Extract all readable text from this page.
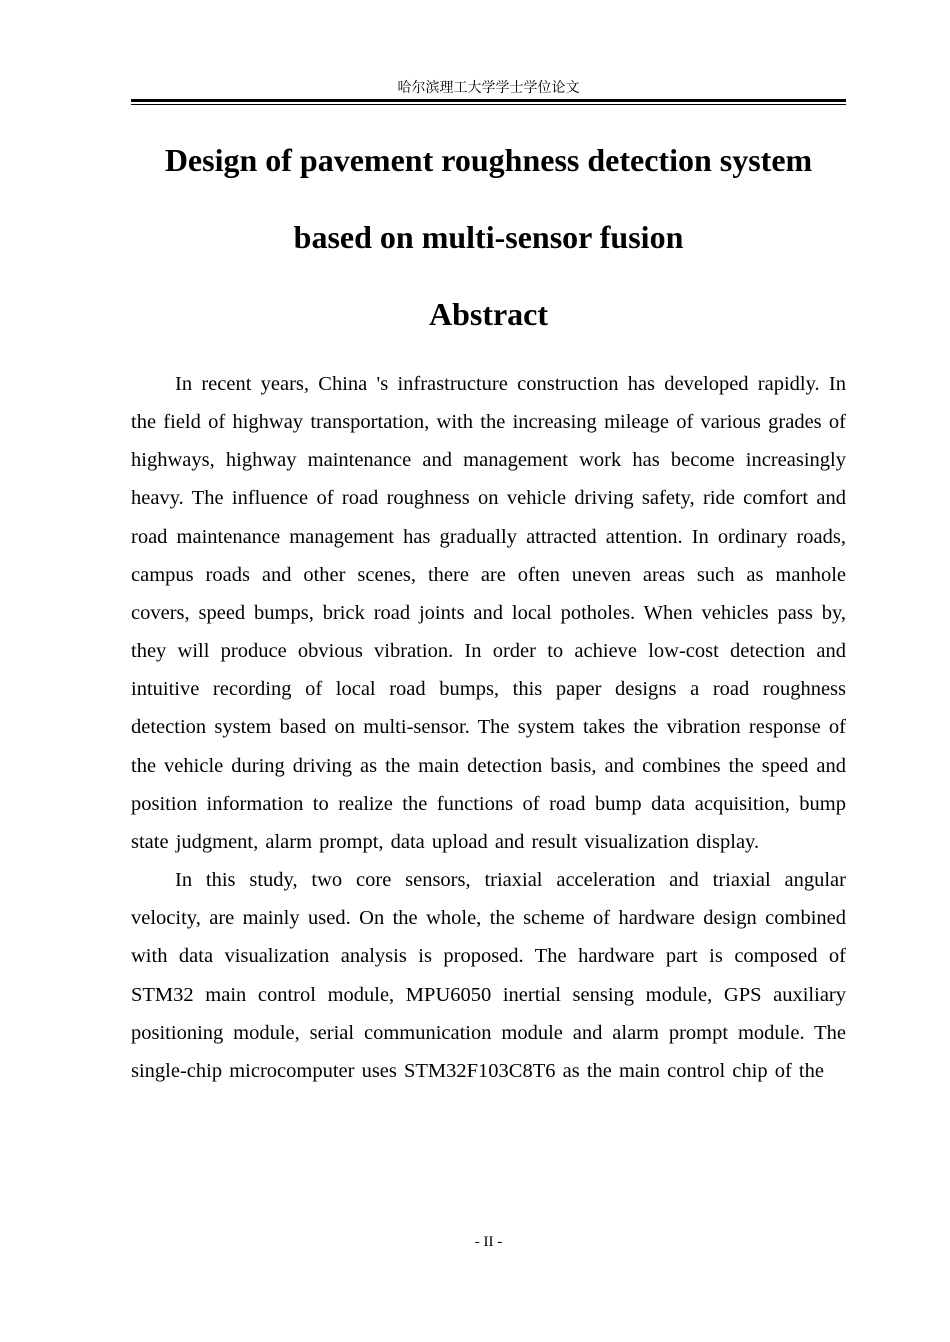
哈尔滨理工大学学士学位论文
Design of pavement roughness detection system
based on multi-sensor fusion
Abstract

In recent years, China 's infrastructure construction has developed rapidly. In the field of highway transportation, with the increasing mileage of various grades of highways, highway maintenance and management work has become increasingly heavy. The influence of road roughness on vehicle driving safety, ride comfort and road maintenance management has gradually attracted attention. In ordinary roads, campus roads and other scenes, there are often uneven areas such as manhole covers, speed bumps, brick road joints and local potholes. When vehicles pass by, they will produce obvious vibration. In order to achieve low-cost detection and intuitive recording of local road bumps, this paper designs a road roughness detection system based on multi-sensor. The system takes the vibration response of the vehicle during driving as the main detection basis, and combines the speed and position information to realize the functions of road bump data acquisition, bump state judgment, alarm prompt, data upload and result visualization display.

In this study, two core sensors, triaxial acceleration and triaxial angular velocity, are mainly used. On the whole, the scheme of hardware design combined with data visualization analysis is proposed. The hardware part is composed of STM32 main control module, MPU6050 inertial sensing module, GPS auxiliary positioning module, serial communication module and alarm prompt module. The single-chip microcomputer uses STM32F103C8T6 as the main control chip of the

- II -
